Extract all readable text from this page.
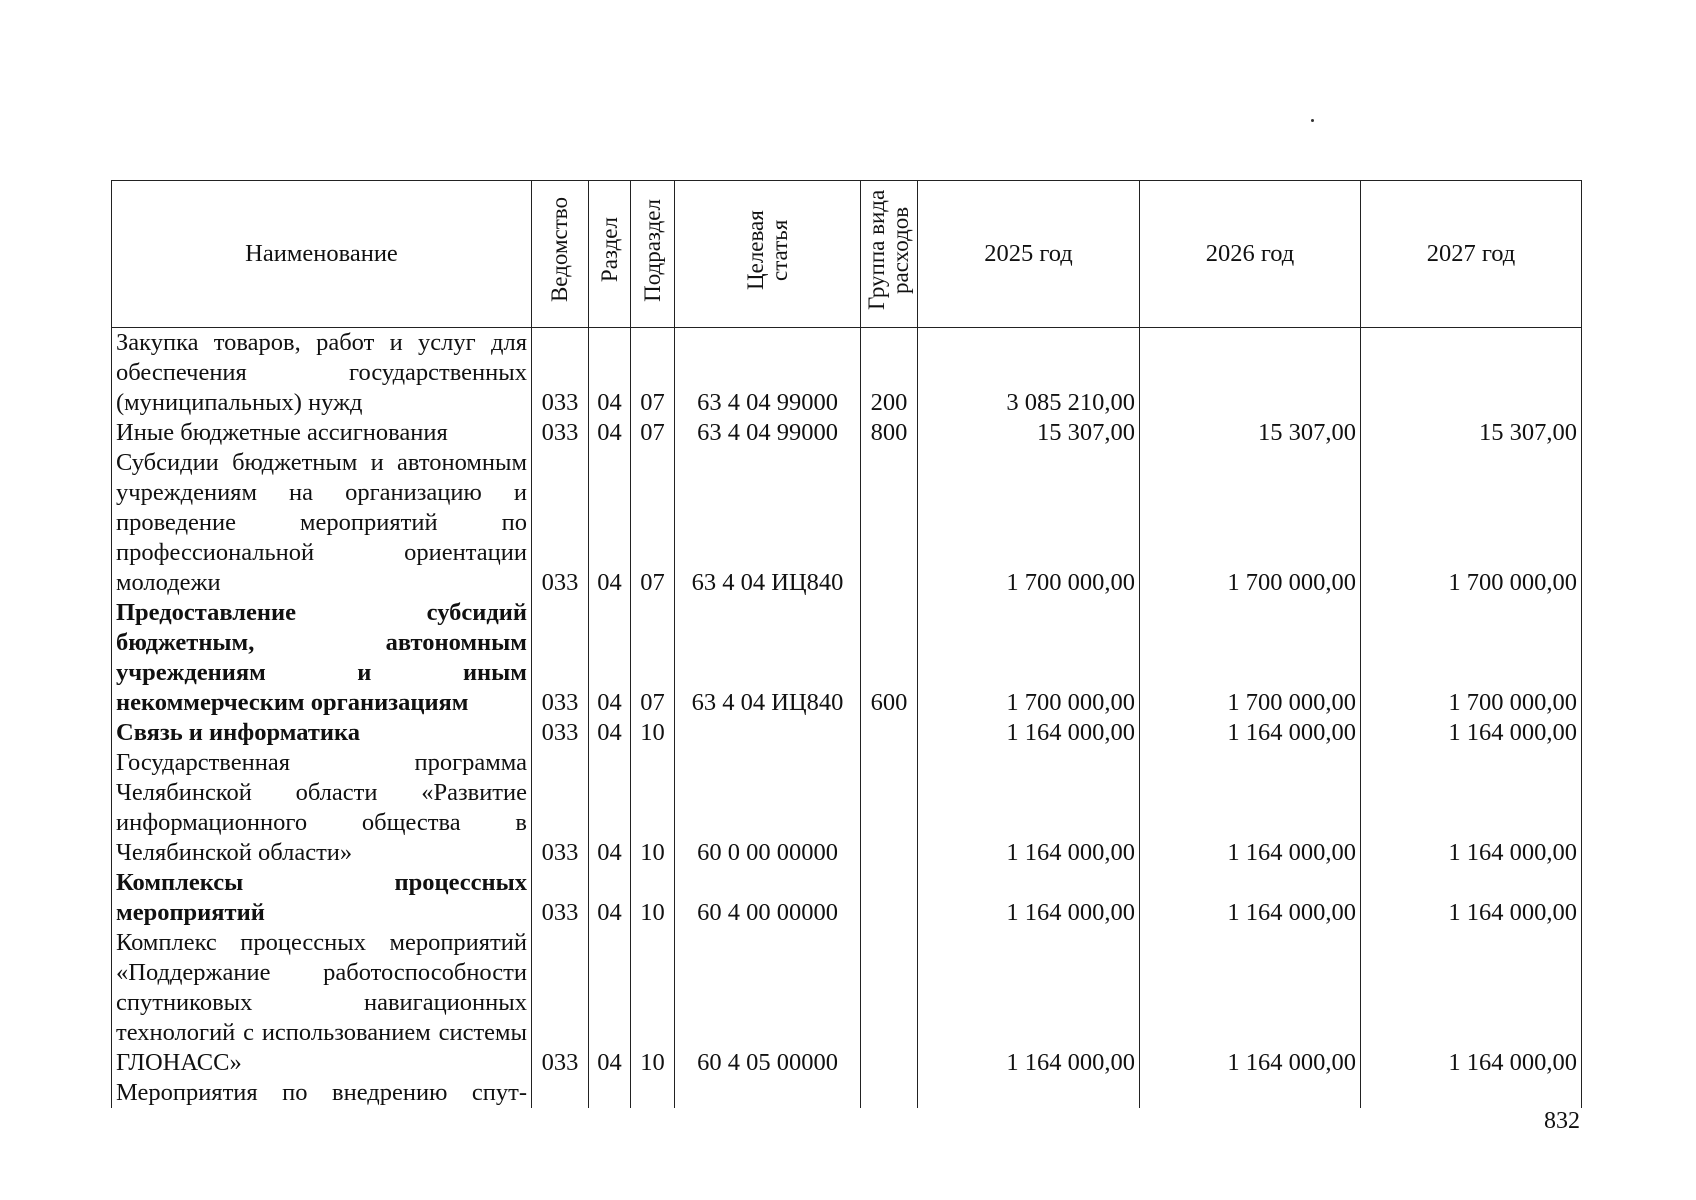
Наименование	Ведомство	Раздел	Подраздел	Целевая статья	Группа вида расходов	2025 год	2026 год	2027 год
Закупка товаров, работ и услуг для обеспечения государственных (муниципальных) нужд	033	04	07	63 4 04 99000	200	3 085 210,00		
Иные бюджетные ассигнования	033	04	07	63 4 04 99000	800	15 307,00	15 307,00	15 307,00
Субсидии бюджетным и автономным учреждениям на организацию и проведение мероприятий по профессиональной ориентации молодежи	033	04	07	63 4 04 ИЦ840		1 700 000,00	1 700 000,00	1 700 000,00
Предоставление субсидий бюджетным, автономным учреждениям и иным некоммерческим организациям	033	04	07	63 4 04 ИЦ840	600	1 700 000,00	1 700 000,00	1 700 000,00
Связь и информатика	033	04	10			1 164 000,00	1 164 000,00	1 164 000,00
Государственная программа Челябинской области «Развитие информационного общества в Челябинской области»	033	04	10	60 0 00 00000		1 164 000,00	1 164 000,00	1 164 000,00
Комплексы процессных мероприятий	033	04	10	60 4 00 00000		1 164 000,00	1 164 000,00	1 164 000,00
Комплекс процессных мероприятий «Поддержание работоспособности спутниковых навигационных технологий с использованием системы ГЛОНАСС»	033	04	10	60 4 05 00000		1 164 000,00	1 164 000,00	1 164 000,00
Мероприятия по внедрению спут-								
832
